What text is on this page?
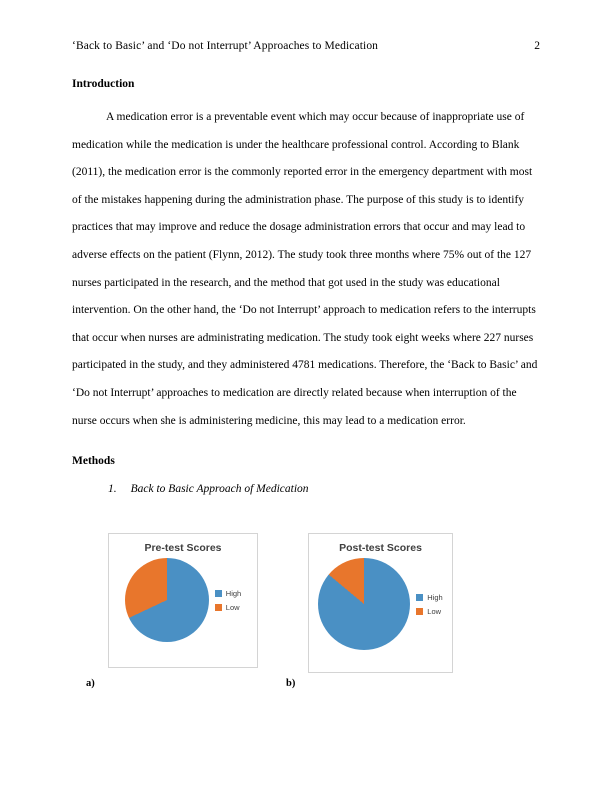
‘Back to Basic’ and ‘Do not Interrupt’ Approaches to Medication	2
Introduction

A medication error is a preventable event which may occur because of inappropriate use of medication while the medication is under the healthcare professional control. According to Blank (2011), the medication error is the commonly reported error in the emergency department with most of the mistakes happening during the administration phase. The purpose of this study is to identify practices that may improve and reduce the dosage administration errors that occur and may lead to adverse effects on the patient (Flynn, 2012). The study took three months where 75% out of the 127 nurses participated in the research, and the method that got used in the study was educational intervention. On the other hand, the ‘Do not Interrupt’ approach to medication refers to the interrupts that occur when nurses are administrating medication. The study took eight weeks where 227 nurses participated in the study, and they administered 4781 medications. Therefore, the ‘Back to Basic’ and ‘Do not Interrupt’ approaches to medication are directly related because when interruption of the nurse occurs when she is administering medicine, this may lead to a medication error.

Methods
1. Back to Basic Approach of Medication
a)	b)
Pre-test Scores
High
Low
Post-test Scores
High
Low
